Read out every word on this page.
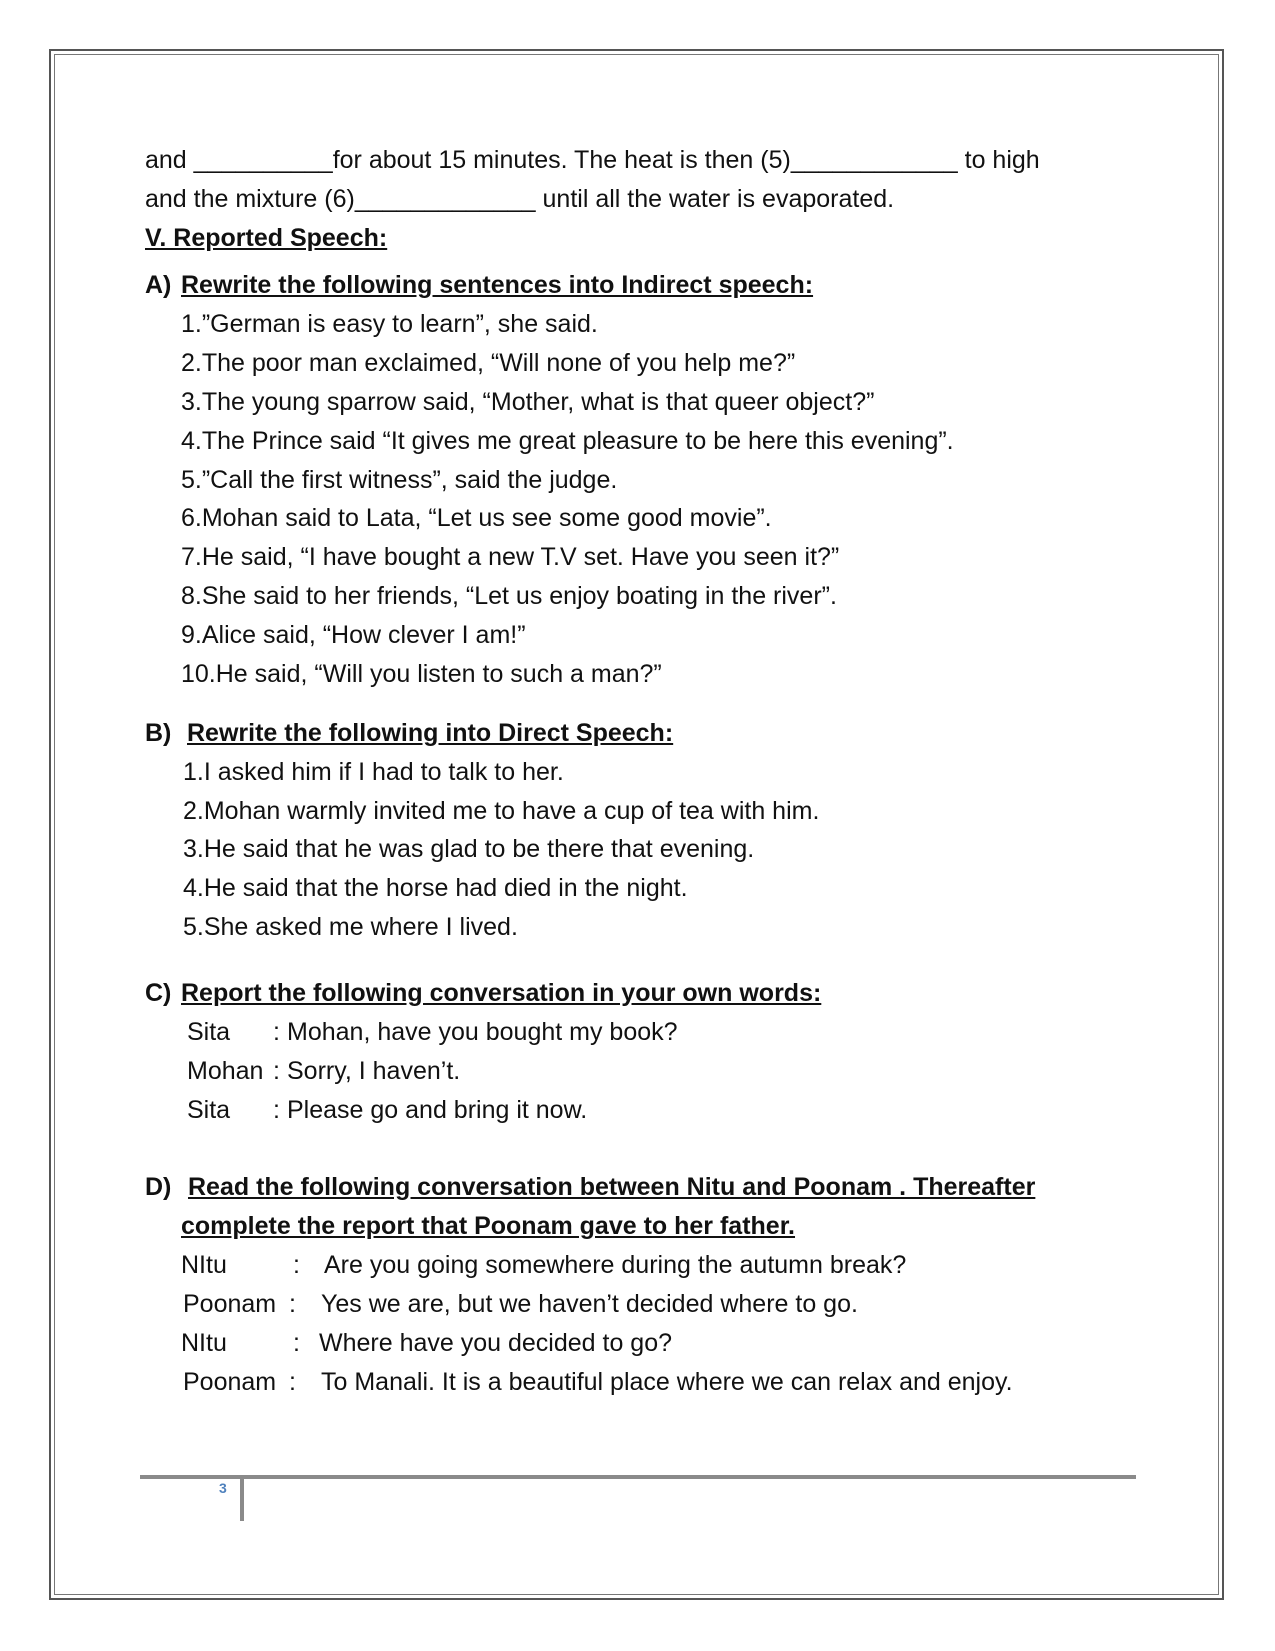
and __________for about 15 minutes. The heat is then (5)____________ to high
and the mixture (6)_____________ until all the water is evaporated.
V. Reported Speech:
A) Rewrite the following sentences into Indirect speech:
1.”German is easy to learn”, she said.
2.The poor man exclaimed, “Will none of you help me?”
3.The young sparrow said, “Mother, what is that queer object?”
4.The Prince said “It gives me great pleasure to be here this evening”.
5.”Call the first witness”, said the judge.
6.Mohan said to Lata, “Let us see some good movie”.
7.He said, “I have bought a new T.V set. Have you seen it?”
8.She said to her friends, “Let us enjoy boating in the river”.
9.Alice said, “How clever I am!”
10.He said, “Will you listen to such a man?”
B) Rewrite the following into Direct Speech:
1.I asked him if I had to talk to her.
2.Mohan warmly invited me to have a cup of tea with him.
3.He said that he was glad to be there that evening.
4.He said that the horse had died in the night.
5.She asked me where I lived.
C) Report the following conversation in your own words:
Sita : Mohan, have you bought my book?
Mohan : Sorry, I haven’t.
Sita : Please go and bring it now.
D) Read the following conversation between Nitu and Poonam . Thereafter
complete the report that Poonam gave to her father.
NItu	: Are you going somewhere during the autumn break?
Poonam : Yes we are, but we haven’t decided where to go.
NItu	: Where have you decided to go?
Poonam : To Manali. It is a beautiful place where we can relax and enjoy.
3
